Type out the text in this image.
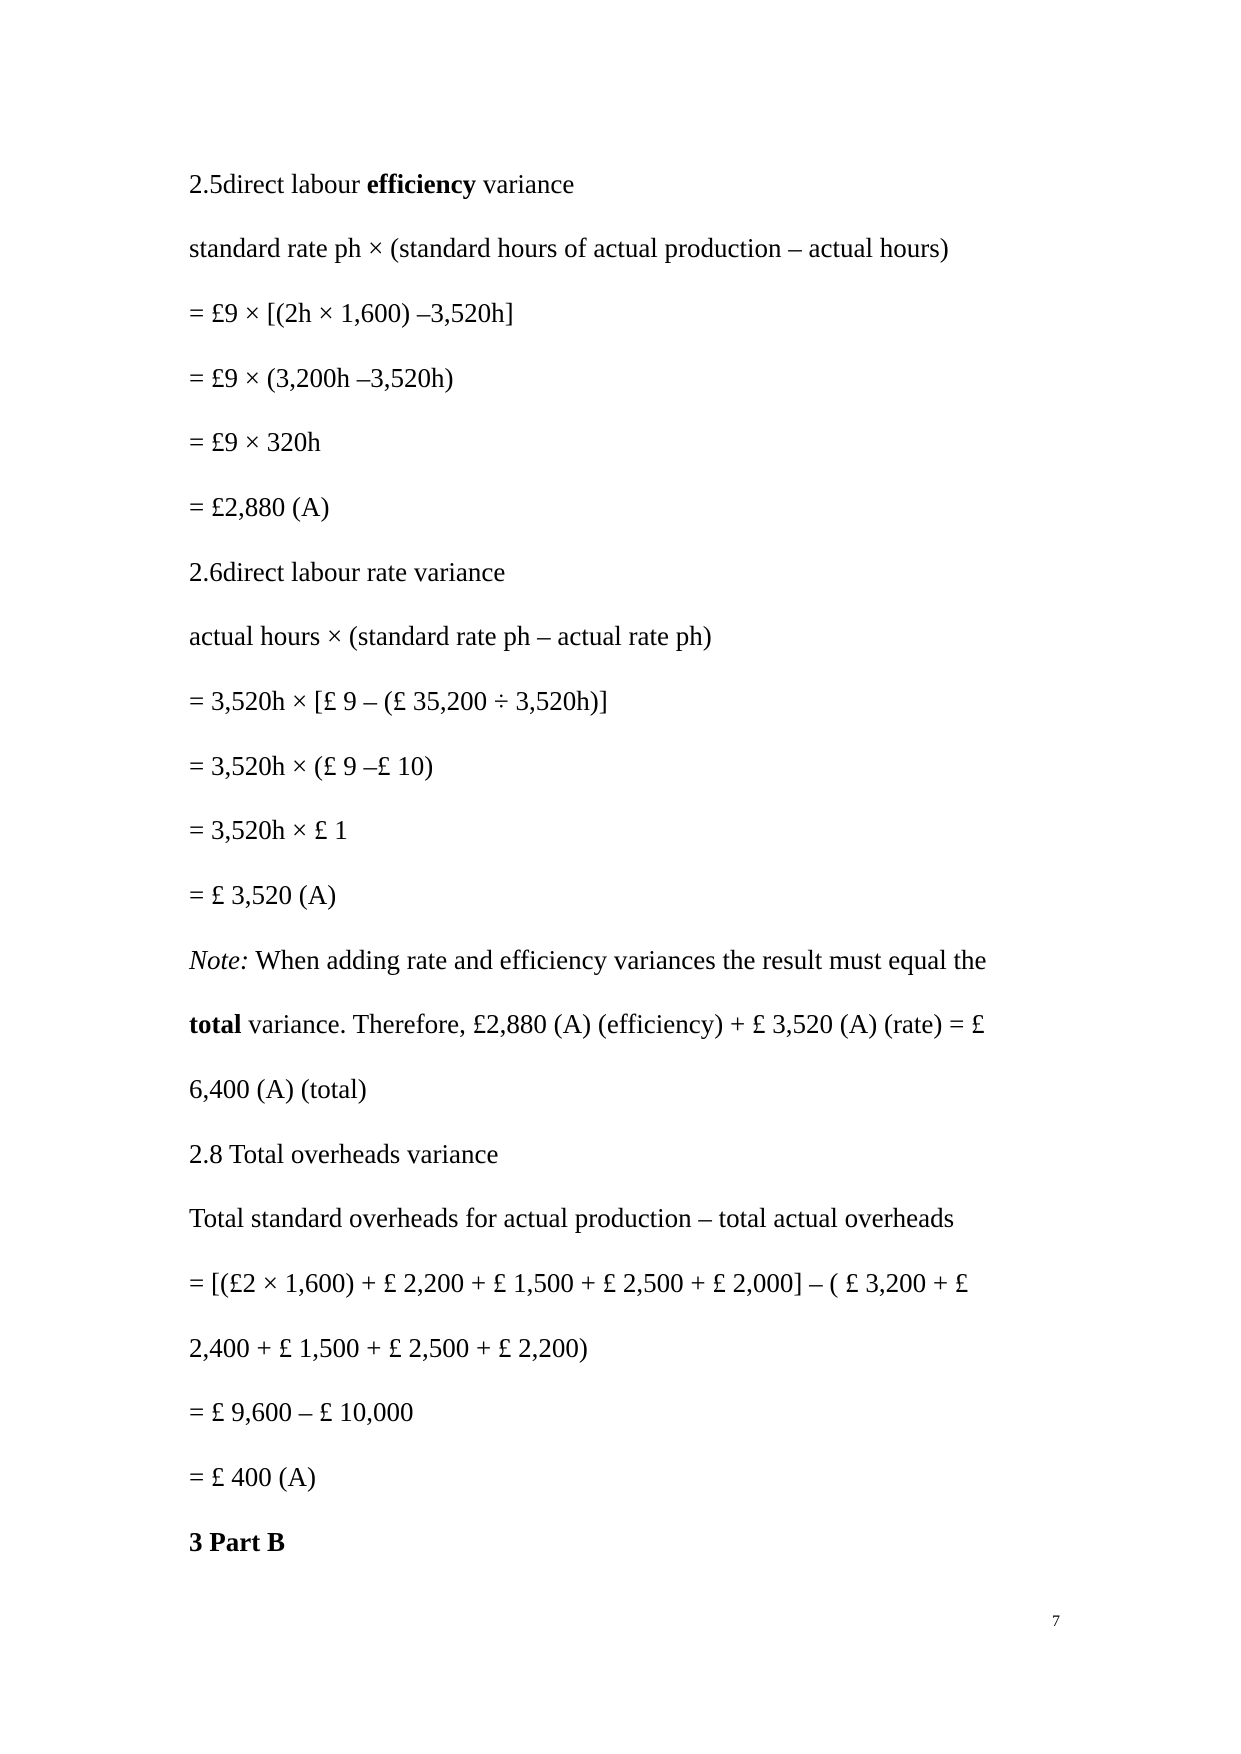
2.5direct labour efficiency variance
standard rate ph × (standard hours of actual production – actual hours)
= £9 × [(2h × 1,600) –3,520h]
= £9 × (3,200h –3,520h)
= £9 × 320h
= £2,880 (A)
2.6direct labour rate variance
actual hours × (standard rate ph – actual rate ph)
= 3,520h × [£ 9 – (£ 35,200 ÷ 3,520h)]
= 3,520h × (£ 9 –£ 10)
= 3,520h × £ 1
= £ 3,520 (A)
Note: When adding rate and efficiency variances the result must equal the
total variance. Therefore, £2,880 (A) (efficiency) + £ 3,520 (A) (rate) = £
6,400 (A) (total)
2.8 Total overheads variance
Total standard overheads for actual production – total actual overheads
= [(£2 × 1,600) + £ 2,200 + £ 1,500 + £ 2,500 + £ 2,000] – ( £ 3,200 + £
2,400 + £ 1,500 + £ 2,500 + £ 2,200)
= £ 9,600 – £ 10,000
= £ 400 (A)
3 Part B
7
